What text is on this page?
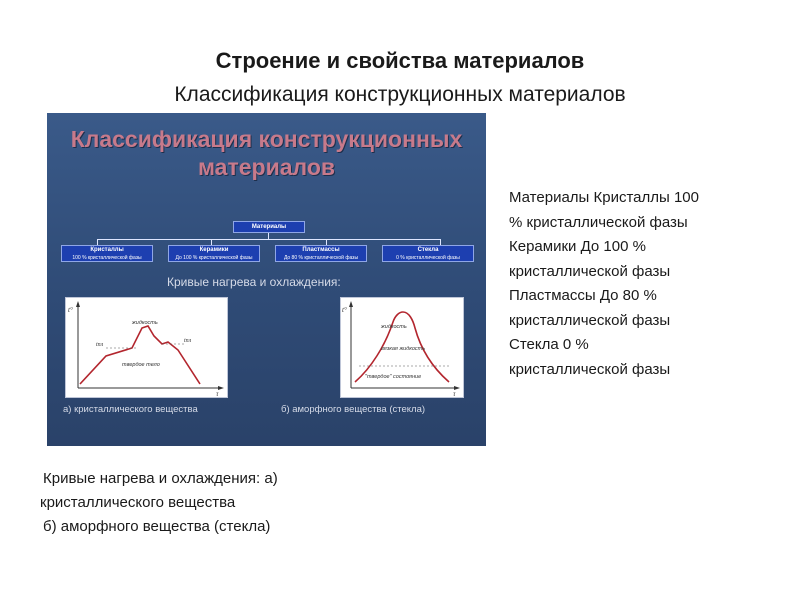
Строение и свойства материалов
Классификация конструкционных материалов
Классификация конструкционных
материалов
Материалы
Кристаллы
100 % кристаллической фазы
Керамики
До 100 % кристаллической фазы
Пластмассы
До 80 % кристаллической фазы
Стекла
0 % кристаллической фазы
Кривые нагрева и охлаждения:
t°
τ
жидкость
твердое тело
tпл
tпл
а) кристаллического вещества
t°
τ
жидкость
вязкая жидкость
"твердое" состояние
б) аморфного вещества (стекла)
Материалы Кристаллы 100
% кристаллической фазы
Керамики До 100 %
кристаллической фазы
Пластмассы До 80 %
кристаллической фазы
Стекла 0 %
кристаллической фазы
Кривые нагрева и охлаждения: а)
кристаллического вещества
б) аморфного вещества (стекла)
